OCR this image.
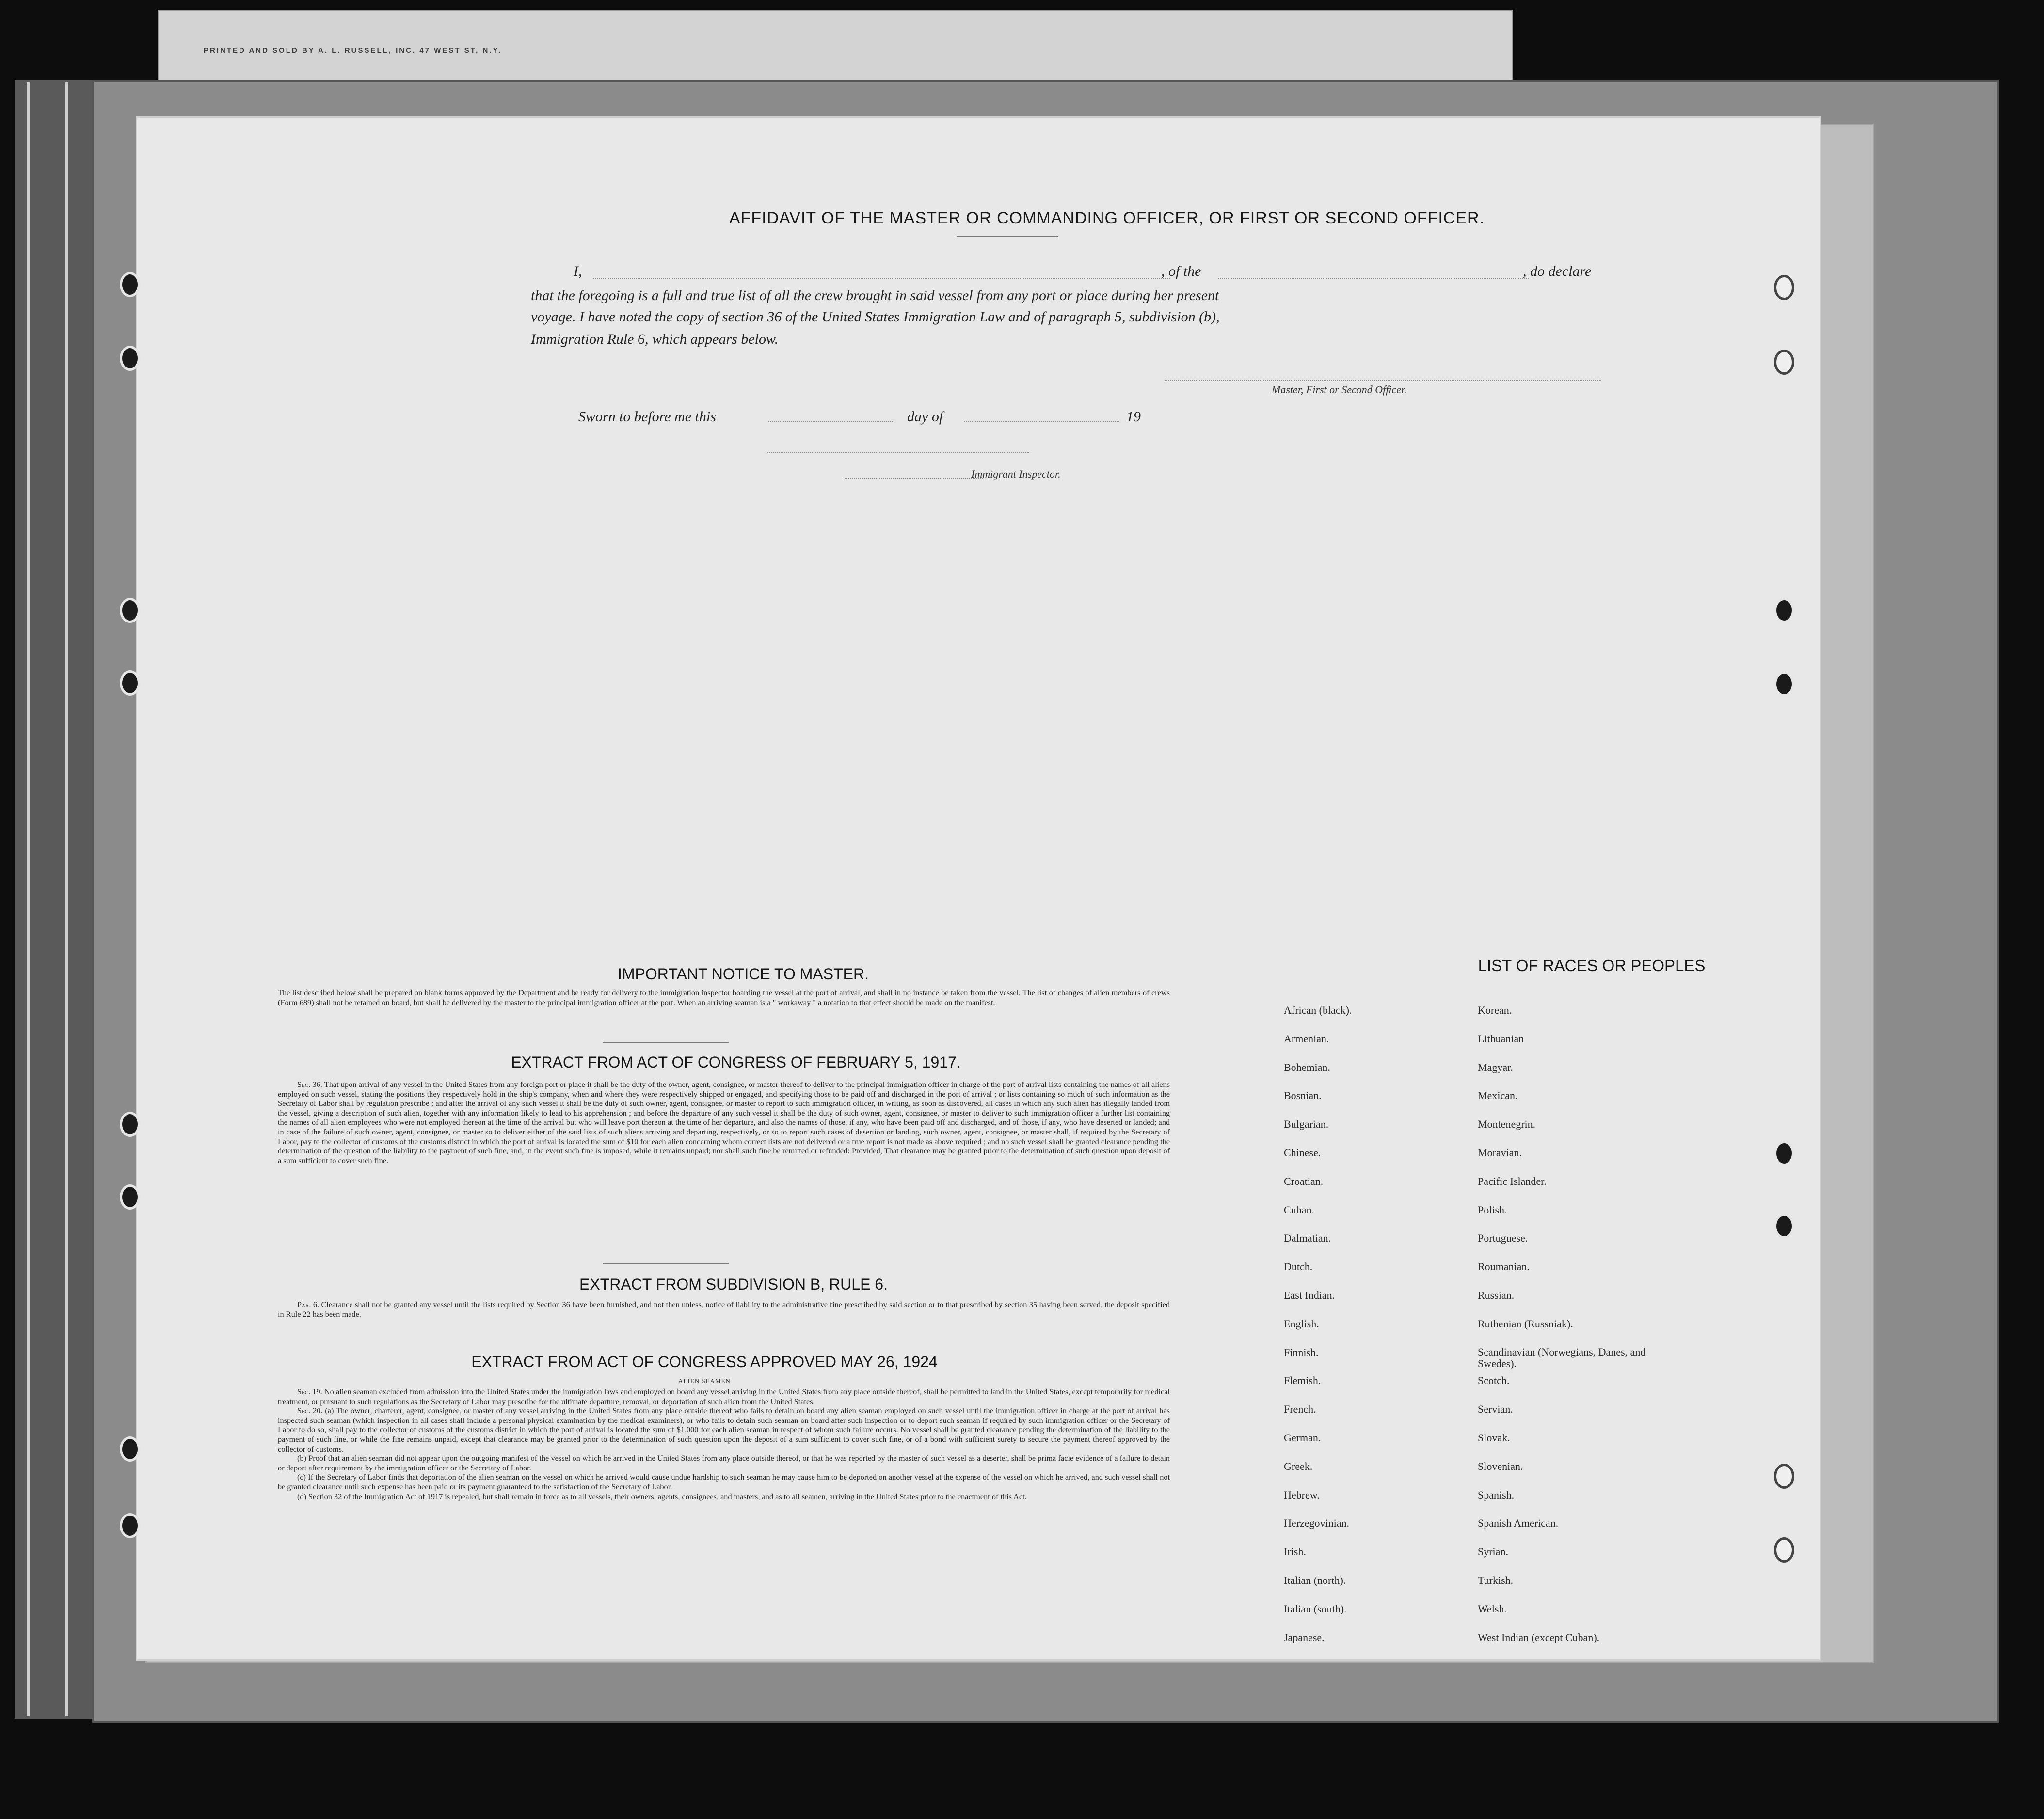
PRINTED AND SOLD BY A. L. RUSSELL, INC. 47 WEST ST, N.Y.
AFFIDAVIT OF THE MASTER OR COMMANDING OFFICER, OR FIRST OR SECOND OFFICER.
I,	, of the	, do declare
that the foregoing is a full and true list of all the crew brought in said vessel from any port or place during her present
voyage. I have noted the copy of section 36 of the United States Immigration Law and of paragraph 5, subdivision (b),
Immigration Rule 6, which appears below.
Master, First or Second Officer.
Sworn to before me this	day of	19
Immigrant Inspector.
IMPORTANT NOTICE TO MASTER.
The list described below shall be prepared on blank forms approved by the Department and be ready for delivery to the immigration inspector boarding the vessel at the port of arrival, and shall in no instance be taken from the vessel. The list of changes of alien members of crews (Form 689) shall not be retained on board, but shall be delivered by the master to the principal immigration officer at the port. When an arriving seaman is a " workaway " a notation to that effect should be made on the manifest.
EXTRACT FROM ACT OF CONGRESS OF FEBRUARY 5, 1917.
Sec. 36. That upon arrival of any vessel in the United States from any foreign port or place it shall be the duty of the owner, agent, consignee, or master thereof to deliver to the principal immigration officer in charge of the port of arrival lists containing the names of all aliens employed on such vessel, stating the positions they respectively hold in the ship's company, when and where they were respectively shipped or engaged, and specifying those to be paid off and discharged in the port of arrival ; or lists containing so much of such information as the Secretary of Labor shall by regulation prescribe ; and after the arrival of any such vessel it shall be the duty of such owner, agent, consignee, or master to report to such immigration officer, in writing, as soon as discovered, all cases in which any such alien has illegally landed from the vessel, giving a description of such alien, together with any information likely to lead to his apprehension ; and before the departure of any such vessel it shall be the duty of such owner, agent, consignee, or master to deliver to such immigration officer a further list containing the names of all alien employees who were not employed thereon at the time of the arrival but who will leave port thereon at the time of her departure, and also the names of those, if any, who have been paid off and discharged, and of those, if any, who have deserted or landed; and in case of the failure of such owner, agent, consignee, or master so to deliver either of the said lists of such aliens arriving and departing, respectively, or so to report such cases of desertion or landing, such owner, agent, consignee, or master shall, if required by the Secretary of Labor, pay to the collector of customs of the customs district in which the port of arrival is located the sum of $10 for each alien concerning whom correct lists are not delivered or a true report is not made as above required ; and no such vessel shall be granted clearance pending the determination of the question of the liability to the payment of such fine, and, in the event such fine is imposed, while it remains unpaid; nor shall such fine be remitted or refunded: Provided, That clearance may be granted prior to the determination of such question upon deposit of a sum sufficient to cover such fine.
EXTRACT FROM SUBDIVISION B, RULE 6.
Par. 6. Clearance shall not be granted any vessel until the lists required by Section 36 have been furnished, and not then unless, notice of liability to the administrative fine prescribed by said section or to that prescribed by section 35 having been served, the deposit specified in Rule 22 has been made.
EXTRACT FROM ACT OF CONGRESS APPROVED MAY 26, 1924
ALIEN SEAMEN
Sec. 19. No alien seaman excluded from admission into the United States under the immigration laws and employed on board any vessel arriving in the United States from any place outside thereof, shall be permitted to land in the United States, except temporarily for medical treatment, or pursuant to such regulations as the Secretary of Labor may prescribe for the ultimate departure, removal, or deportation of such alien from the United States.
Sec. 20. (a) The owner, charterer, agent, consignee, or master of any vessel arriving in the United States from any place outside thereof who fails to detain on board any alien seaman employed on such vessel until the immigration officer in charge at the port of arrival has inspected such seaman (which inspection in all cases shall include a personal physical examination by the medical examiners), or who fails to detain such seaman on board after such inspection or to deport such seaman if required by such immigration officer or the Secretary of Labor to do so, shall pay to the collector of customs of the customs district in which the port of arrival is located the sum of $1,000 for each alien seaman in respect of whom such failure occurs. No vessel shall be granted clearance pending the determination of the liability to the payment of such fine, or while the fine remains unpaid, except that clearance may be granted prior to the determination of such question upon the deposit of a sum sufficient to cover such fine, or of a bond with sufficient surety to secure the payment thereof approved by the collector of customs.
(b) Proof that an alien seaman did not appear upon the outgoing manifest of the vessel on which he arrived in the United States from any place outside thereof, or that he was reported by the master of such vessel as a deserter, shall be prima facie evidence of a failure to detain or deport after requirement by the immigration officer or the Secretary of Labor.
(c) If the Secretary of Labor finds that deportation of the alien seaman on the vessel on which he arrived would cause undue hardship to such seaman he may cause him to be deported on another vessel at the expense of the vessel on which he arrived, and such vessel shall not be granted clearance until such expense has been paid or its payment guaranteed to the satisfaction of the Secretary of Labor.
(d) Section 32 of the Immigration Act of 1917 is repealed, but shall remain in force as to all vessels, their owners, agents, consignees, and masters, and as to all seamen, arriving in the United States prior to the enactment of this Act.
LIST OF RACES OR PEOPLES
African (black).
Armenian.
Bohemian.
Bosnian.
Bulgarian.
Chinese.
Croatian.
Cuban.
Dalmatian.
Dutch.
East Indian.
English.
Finnish.
Flemish.
French.
German.
Greek.
Hebrew.
Herzegovinian.
Irish.
Italian (north).
Italian (south).
Japanese.
Korean.
Lithuanian
Magyar.
Mexican.
Montenegrin.
Moravian.
Pacific Islander.
Polish.
Portuguese.
Roumanian.
Russian.
Ruthenian (Russniak).
Scandinavian (Norwegians, Danes, and Swedes).
Scotch.
Servian.
Slovak.
Slovenian.
Spanish.
Spanish American.
Syrian.
Turkish.
Welsh.
West Indian (except Cuban).
